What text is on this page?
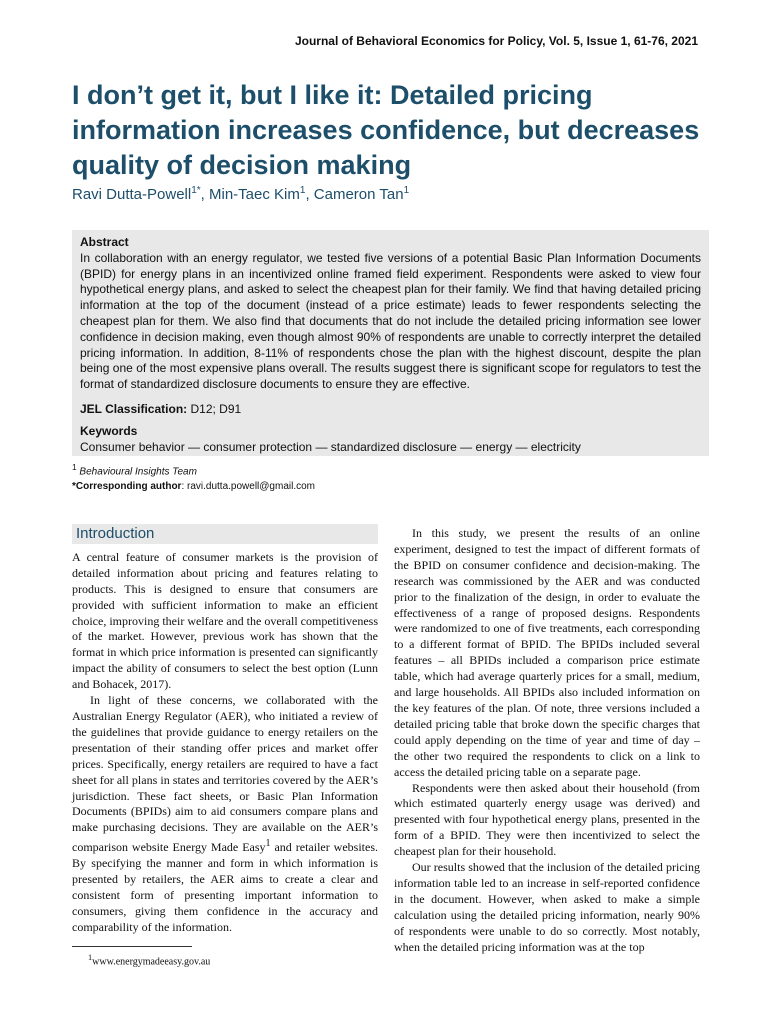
Journal of Behavioral Economics for Policy, Vol. 5, Issue 1, 61-76, 2021
I don’t get it, but I like it: Detailed pricing information increases confidence, but decreases quality of decision making
Ravi Dutta-Powell$^{1*}$, Min-Taec Kim$^1$, Cameron Tan$^1$
Abstract

In collaboration with an energy regulator, we tested five versions of a potential Basic Plan Information Documents (BPID) for energy plans in an incentivized online framed field experiment. Respondents were asked to view four hypothetical energy plans, and asked to select the cheapest plan for their family. We find that having detailed pricing information at the top of the document (instead of a price estimate) leads to fewer respondents selecting the cheapest plan for them. We also find that documents that do not include the detailed pricing information see lower confidence in decision making, even though almost 90% of respondents are unable to correctly interpret the detailed pricing information. In addition, 8-11% of respondents chose the plan with the highest discount, despite the plan being one of the most expensive plans overall. The results suggest there is significant scope for regulators to test the format of standardized disclosure documents to ensure they are effective.

JEL Classification: D12; D91
Keywords
Consumer behavior — consumer protection — standardized disclosure — energy — electricity
$^1$ Behavioural Insights Team
*Corresponding author: ravi.dutta.powell@gmail.com
Introduction

A central feature of consumer markets is the provision of detailed information about pricing and features relating to products. This is designed to ensure that consumers are provided with sufficient information to make an efficient choice, improving their welfare and the overall competitiveness of the market. However, previous work has shown that the format in which price information is presented can significantly impact the ability of consumers to select the best option (Lunn and Bohacek, 2017).

In light of these concerns, we collaborated with the Australian Energy Regulator (AER), who initiated a review of the guidelines that provide guidance to energy retailers on the presentation of their standing offer prices and market offer prices. Specifically, energy retailers are required to have a fact sheet for all plans in states and territories covered by the AER’s jurisdiction. These fact sheets, or Basic Plan Information Documents (BPIDs) aim to aid consumers compare plans and make purchasing decisions. They are available on the AER’s comparison website Energy Made Easy$^1$ and retailer websites. By specifying the manner and form in which information is presented by retailers, the AER aims to create a clear and consistent form of presenting important information to consumers, giving them confidence in the accuracy and comparability of the information.

$^1$www.energymadeeasy.gov.au

In this study, we present the results of an online experiment, designed to test the impact of different formats of the BPID on consumer confidence and decision-making. The research was commissioned by the AER and was conducted prior to the finalization of the design, in order to evaluate the effectiveness of a range of proposed designs. Respondents were randomized to one of five treatments, each corresponding to a different format of BPID. The BPIDs included several features – all BPIDs included a comparison price estimate table, which had average quarterly prices for a small, medium, and large households. All BPIDs also included information on the key features of the plan. Of note, three versions included a detailed pricing table that broke down the specific charges that could apply depending on the time of year and time of day – the other two required the respondents to click on a link to access the detailed pricing table on a separate page.

Respondents were then asked about their household (from which estimated quarterly energy usage was derived) and presented with four hypothetical energy plans, presented in the form of a BPID. They were then incentivized to select the cheapest plan for their household.

Our results showed that the inclusion of the detailed pricing information table led to an increase in self-reported confidence in the document. However, when asked to make a simple calculation using the detailed pricing information, nearly 90% of respondents were unable to do so correctly. Most notably, when the detailed pricing information was at the top
